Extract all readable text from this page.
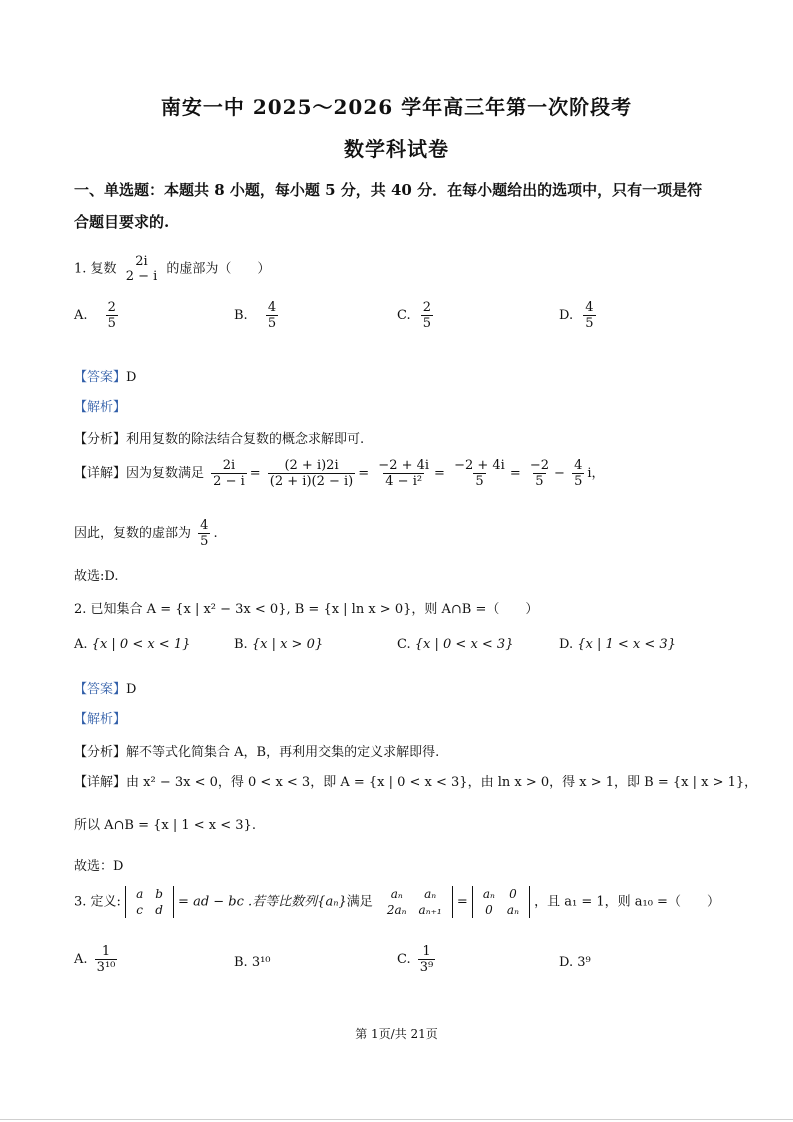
南安一中 2025～2026 学年高三年第一次阶段考
数学科试卷
一、单选题：本题共 8 小题，每小题 5 分，共 40 分．在每小题给出的选项中，只有一项是符
合题目要求的.
1. 复数 2i
2 − i 的虚部为（　　）
A. $\frac{2}{5}$	B. $\frac{4}{5}$	C. $\frac{2}{5}$	D. $\frac{4}{5}$
【答案】D
【解析】
【分析】利用复数的除法结合复数的概念求解即可.
【详解】因为复数满足 $\frac{2i}{2 - i} = \frac{(2 + i)2i}{(2 + i)(2 - i)} = \frac{-2 + 4i}{\text{4 − i²}} = \frac{-2 + 4i}{5} = \frac{-2}{5} - \frac{4}{5}$ i，
因此，复数的虚部为 $\frac{4}{5}$ .
故选:D.
2. 已知集合 A = {x | x² − 3x < 0}, B = {x | ln x > 0}，则 A∩B =（　　）
A. {x | 0 < x < 1}	B. {x | x > 0}	C. {x | 0 < x < 3}	D. {x | 1 < x < 3}
【答案】D
【解析】
【分析】解不等式化简集合 A，B，再利用交集的定义求解即得.
【详解】由 x² − 3x < 0，得 0 < x < 3，即 A = {x | 0 < x < 3}，由 ln x > 0，得 x > 1，即 B = {x | x > 1}，
所以 A∩B = {x | 1 < x < 3}.
故选：D
3. 定义:
a	b
c	d
= ad − bc .若等比数列{aₙ}满足
aₙ	aₙ
2aₙ	aₙ₊₁
=
aₙ	0
0	aₙ
，且 a₁ = 1，则 a₁₀ =（　　）
A. $\frac{1}{\text{3¹⁰}}$	B. 3¹⁰	C. $\frac{1}{\text{3⁹}}$	D. 3⁹
第 1页/共 21页
